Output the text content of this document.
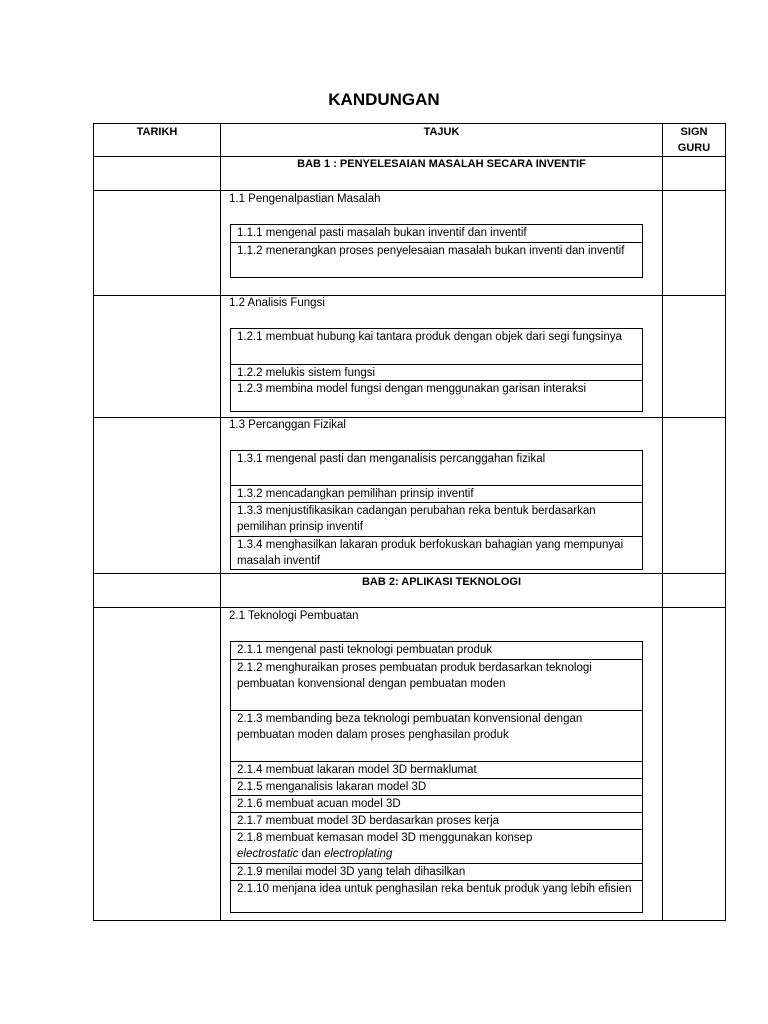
KANDUNGAN
TARIKH	TAJUK	SIGN GURU
BAB 1 : PENYELESAIAN MASALAH SECARA INVENTIF
1.1 Pengenalpastian Masalah
1.1.1 mengenal pasti masalah bukan inventif dan inventif
1.1.2 menerangkan proses penyelesaian masalah bukan inventi dan inventif
1.2 Analisis Fungsi
1.2.1 membuat hubung kai tantara produk dengan objek dari segi fungsinya
1.2.2 melukis sistem fungsi
1.2.3 membina model fungsi dengan menggunakan garisan interaksi
1.3 Percanggan Fizikal
1.3.1 mengenal pasti dan menganalisis percanggahan fizikal
1.3.2 mencadangkan pemilihan prinsip inventif
1.3.3 menjustifikasikan cadangan perubahan reka bentuk berdasarkan pemilihan prinsip inventif
1.3.4 menghasilkan lakaran produk berfokuskan bahagian yang mempunyai masalah inventif
BAB 2: APLIKASI TEKNOLOGI
2.1 Teknologi Pembuatan
2.1.1 mengenal pasti teknologi pembuatan produk
2.1.2 menghuraikan proses pembuatan produk berdasarkan teknologi pembuatan konvensional dengan pembuatan moden
2.1.3 membanding beza teknologi pembuatan konvensional dengan pembuatan moden dalam proses penghasilan produk
2.1.4 membuat lakaran model 3D bermaklumat
2.1.5 menganalisis lakaran model 3D
2.1.6 membuat acuan model 3D
2.1.7 membuat model 3D berdasarkan proses kerja
2.1.8 membuat kemasan model 3D menggunakan konsep
electrostatic dan electroplating
2.1.9 menilai model 3D yang telah dihasilkan
2.1.10 menjana idea untuk penghasilan reka bentuk produk yang lebih efisien
